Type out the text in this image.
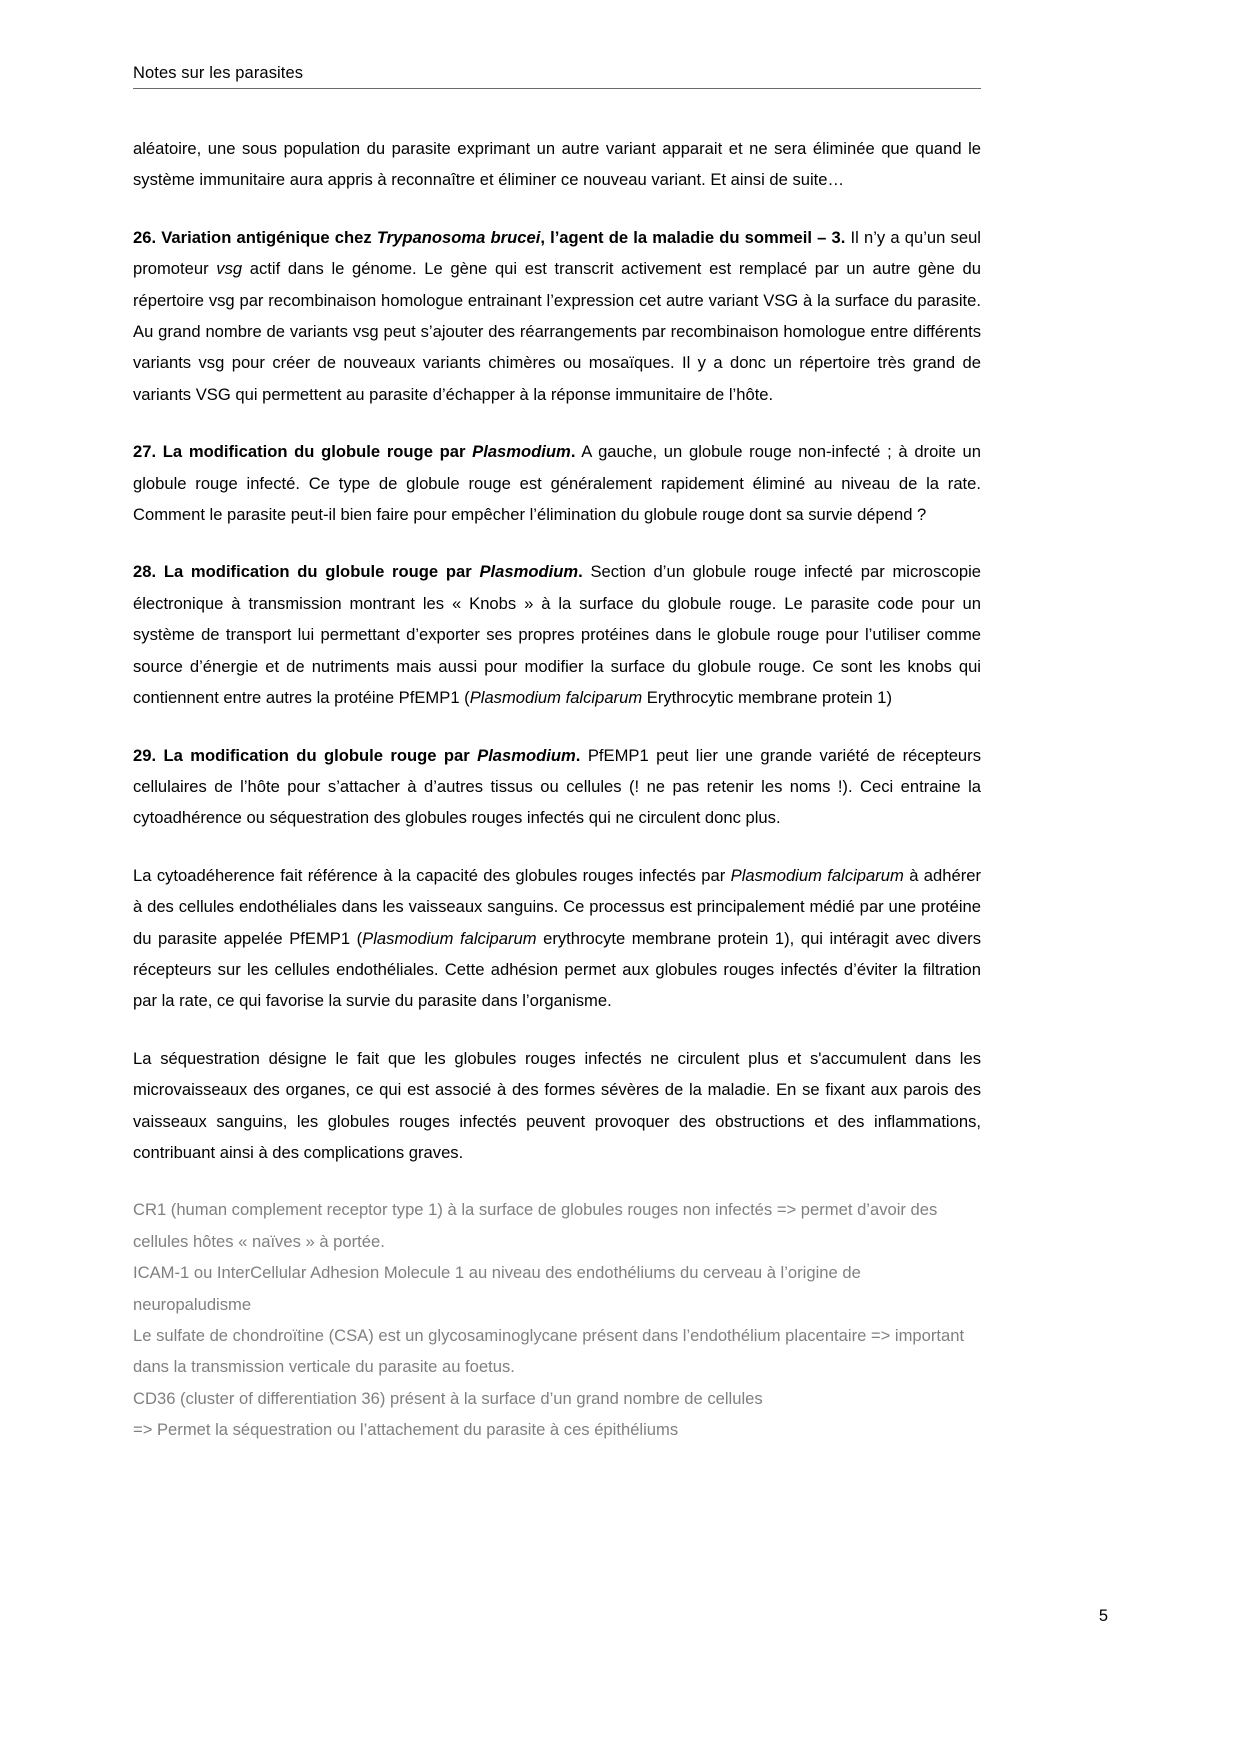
Notes sur les parasites

aléatoire, une sous population du parasite exprimant un autre variant apparait et ne sera éliminée que quand le système immunitaire aura appris à reconnaître et éliminer ce nouveau variant. Et ainsi de suite…

26. Variation antigénique chez Trypanosoma brucei, l’agent de la maladie du sommeil – 3. Il n’y a qu’un seul promoteur vsg actif dans le génome. Le gène qui est transcrit activement est remplacé par un autre gène du répertoire vsg par recombinaison homologue entrainant l’expression cet autre variant VSG à la surface du parasite. Au grand nombre de variants vsg peut s’ajouter des réarrangements par recombinaison homologue entre différents variants vsg pour créer de nouveaux variants chimères ou mosaïques. Il y a donc un répertoire très grand de variants VSG qui permettent au parasite d’échapper à la réponse immunitaire de l’hôte.

27. La modification du globule rouge par Plasmodium. A gauche, un globule rouge non-infecté ; à droite un globule rouge infecté. Ce type de globule rouge est généralement rapidement éliminé au niveau de la rate. Comment le parasite peut-il bien faire pour empêcher l’élimination du globule rouge dont sa survie dépend ?

28. La modification du globule rouge par Plasmodium. Section d’un globule rouge infecté par microscopie électronique à transmission montrant les « Knobs » à la surface du globule rouge. Le parasite code pour un système de transport lui permettant d’exporter ses propres protéines dans le globule rouge pour l’utiliser comme source d’énergie et de nutriments mais aussi pour modifier la surface du globule rouge. Ce sont les knobs qui contiennent entre autres la protéine PfEMP1 (Plasmodium falciparum Erythrocytic membrane protein 1)

29. La modification du globule rouge par Plasmodium. PfEMP1 peut lier une grande variété de récepteurs cellulaires de l’hôte pour s’attacher à d’autres tissus ou cellules (! ne pas retenir les noms !). Ceci entraine la cytoadhérence ou séquestration des globules rouges infectés qui ne circulent donc plus.

La cytoadéherence fait référence à la capacité des globules rouges infectés par Plasmodium falciparum à adhérer à des cellules endothéliales dans les vaisseaux sanguins. Ce processus est principalement médié par une protéine du parasite appelée PfEMP1 (Plasmodium falciparum erythrocyte membrane protein 1), qui intéragit avec divers récepteurs sur les cellules endothéliales. Cette adhésion permet aux globules rouges infectés d’éviter la filtration par la rate, ce qui favorise la survie du parasite dans l’organisme.

La séquestration désigne le fait que les globules rouges infectés ne circulent plus et s'accumulent dans les microvaisseaux des organes, ce qui est associé à des formes sévères de la maladie. En se fixant aux parois des vaisseaux sanguins, les globules rouges infectés peuvent provoquer des obstructions et des inflammations, contribuant ainsi à des complications graves.

CR1 (human complement receptor type 1) à la surface de globules rouges non infectés => permet d’avoir des cellules hôtes « naïves » à portée.

ICAM-1 ou InterCellular Adhesion Molecule 1 au niveau des endothéliums du cerveau à l’origine de neuropaludisme

Le sulfate de chondroïtine (CSA) est un glycosaminoglycane présent dans l’endothélium placentaire => important dans la transmission verticale du parasite au foetus.

CD36 (cluster of differentiation 36) présent à la surface d’un grand nombre de cellules

=> Permet la séquestration ou l’attachement du parasite à ces épithéliums

5
